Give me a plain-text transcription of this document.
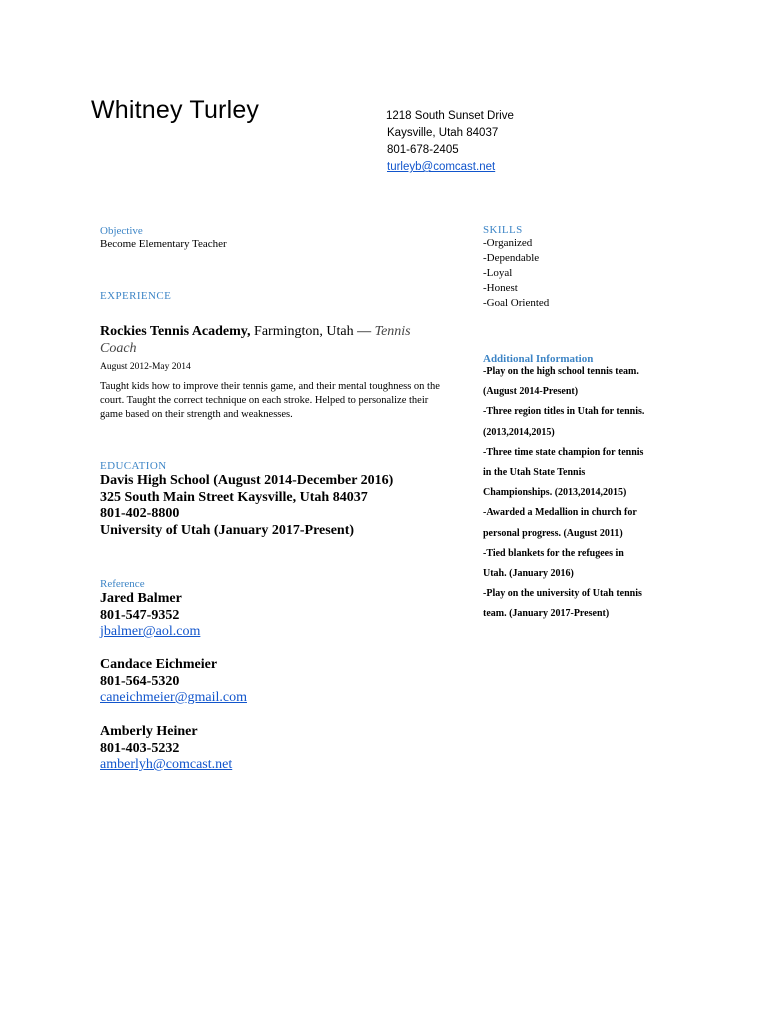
Whitney Turley	1218 South Sunset Drive
Kaysville, Utah 84037
801-678-2405
turleyb@comcast.net
Objective
Become Elementary Teacher
EXPERIENCE
Rockies Tennis Academy, Farmington, Utah — Tennis Coach
August 2012-May 2014
Taught kids how to improve their tennis game, and their mental toughness on the court. Taught the correct technique on each stroke. Helped to personalize their game based on their strength and weaknesses.
EDUCATION
Davis High School (August 2014-December 2016)
325 South Main Street Kaysville, Utah 84037
801-402-8800
University of Utah (January 2017-Present)
Reference
Jared Balmer
801-547-9352
jbalmer@aol.com
Candace Eichmeier
801-564-5320
caneichmeier@gmail.com
Amberly Heiner
801-403-5232
amberlyh@comcast.net
SKILLS
-Organized
-Dependable
-Loyal
-Honest
-Goal Oriented
Additional Information
-Play on the high school tennis team.
(August 2014-Present)
-Three region titles in Utah for tennis.
(2013,2014,2015)
-Three time state champion for tennis
in the Utah State Tennis
Championships. (2013,2014,2015)
-Awarded a Medallion in church for
personal progress. (August 2011)
-Tied blankets for the refugees in
Utah. (January 2016)
-Play on the university of Utah tennis
team. (January 2017-Present)
